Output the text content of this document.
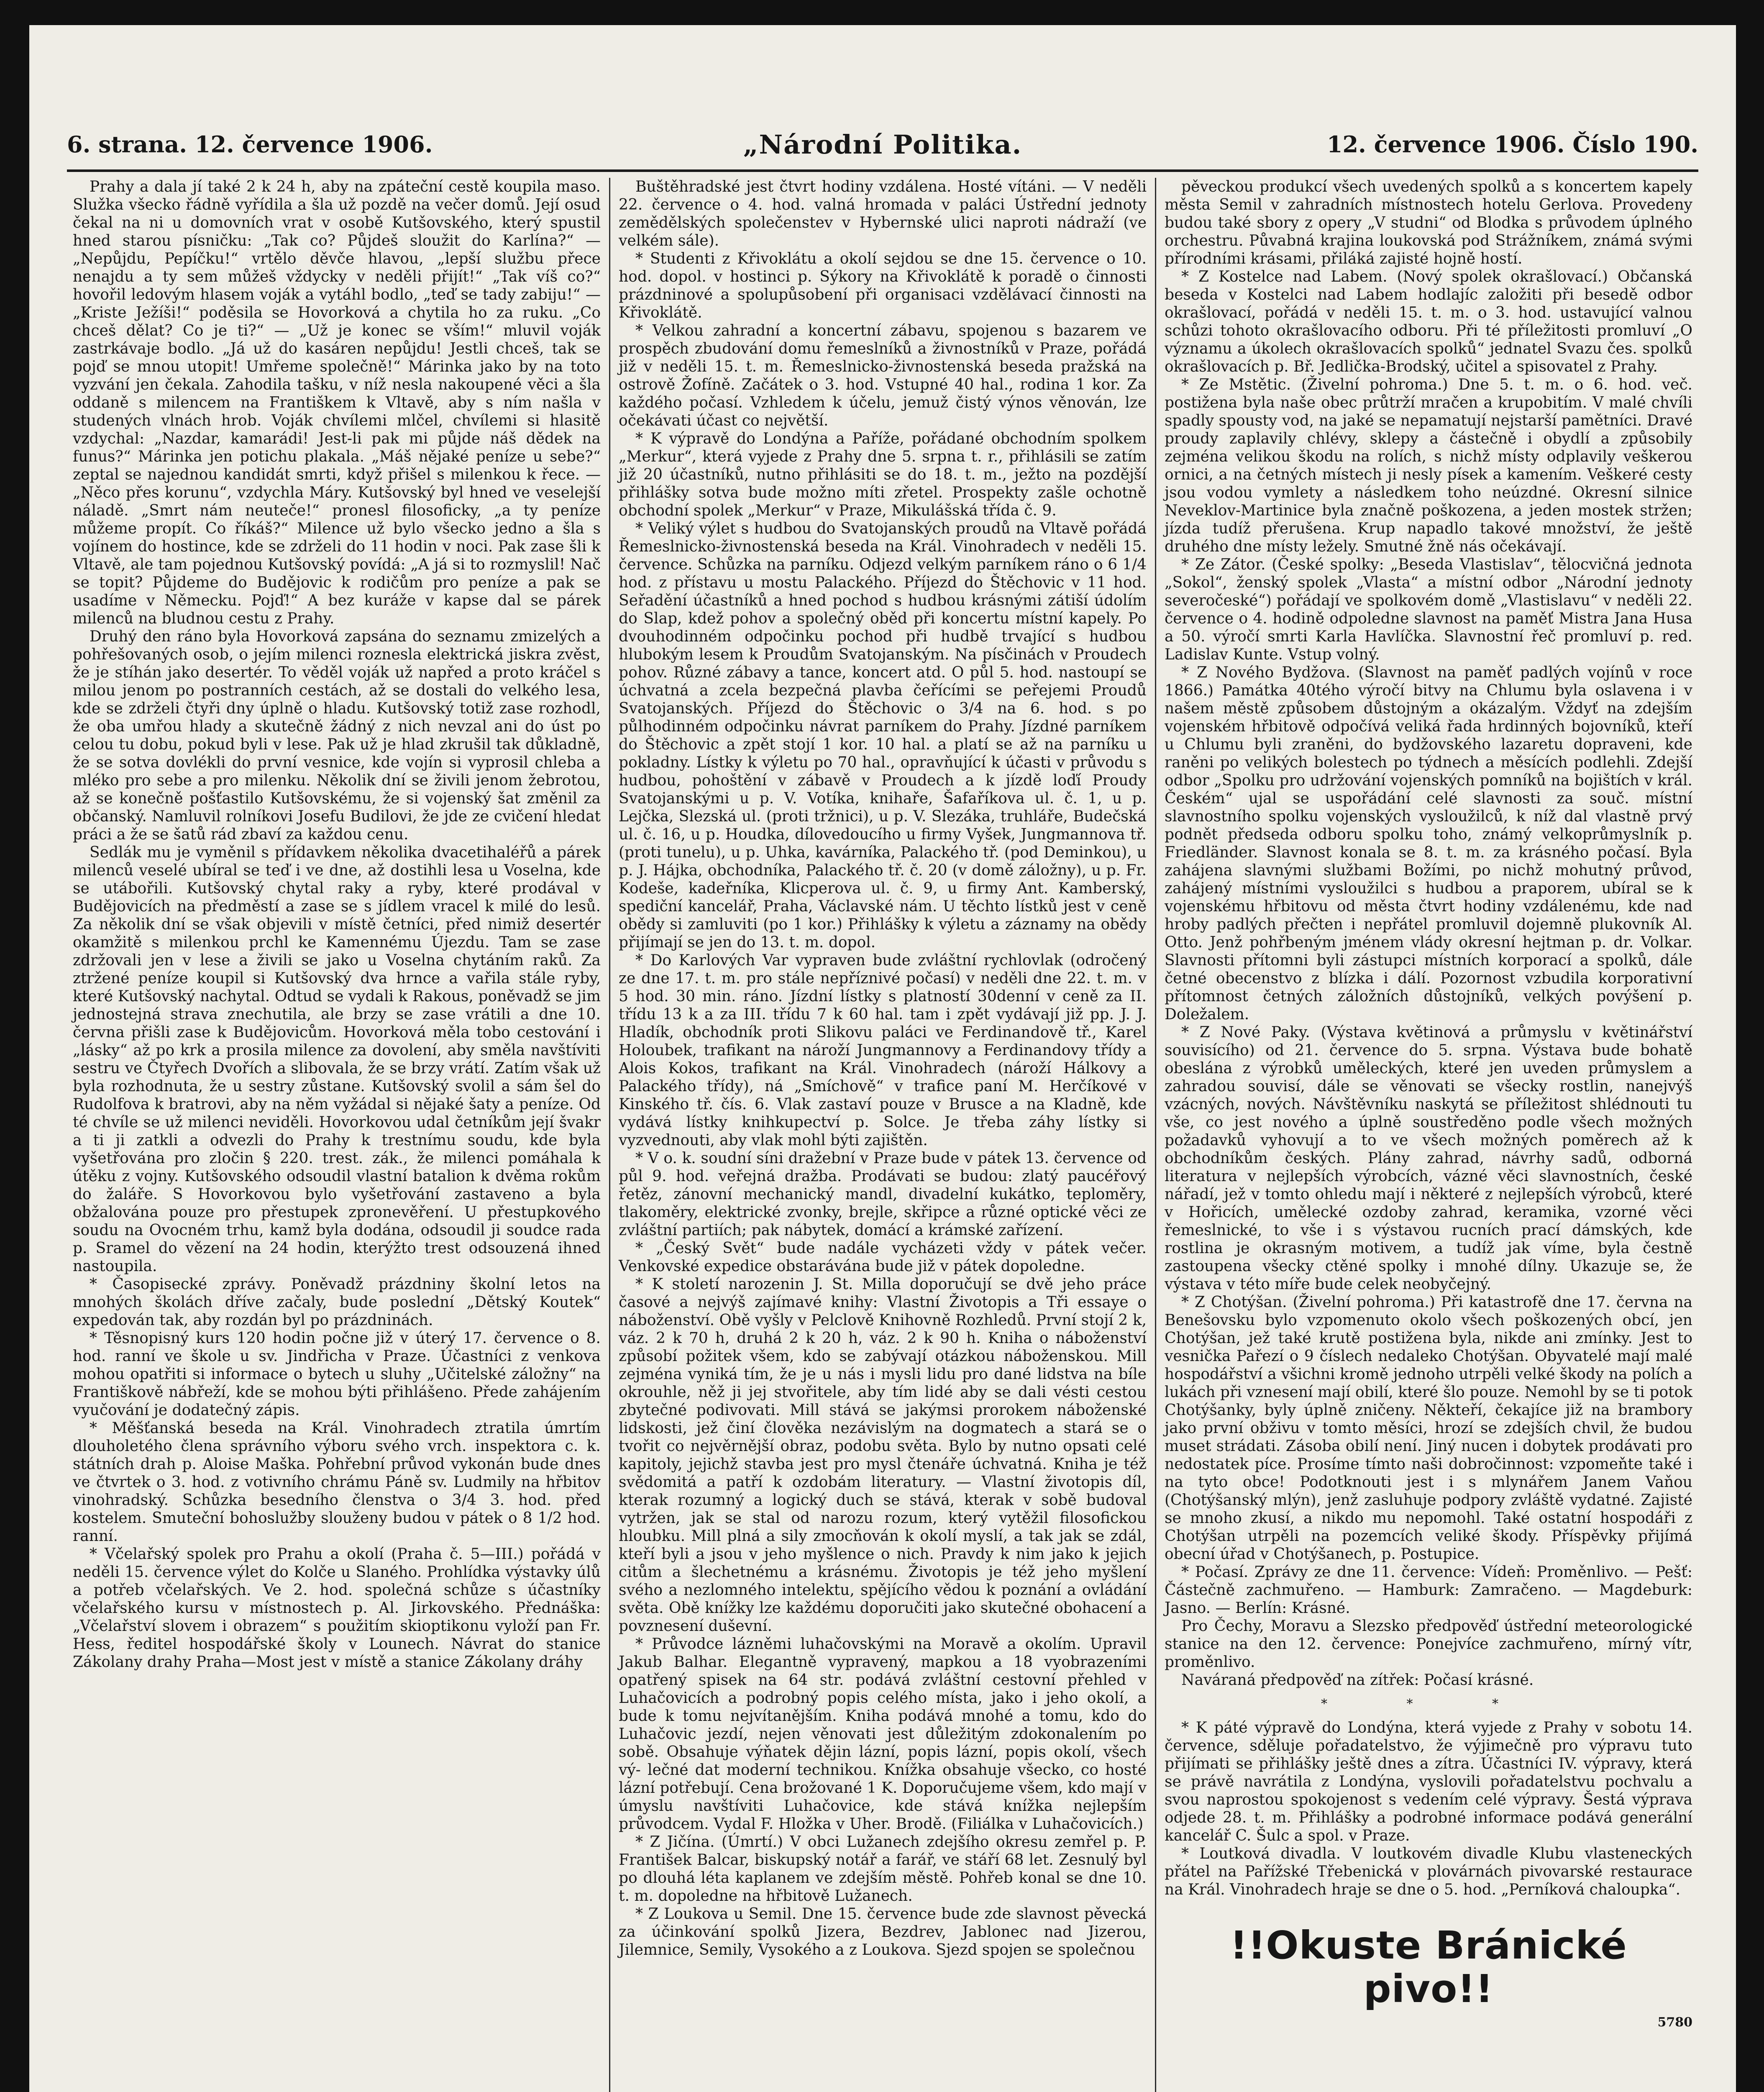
6. strana. 12. července 1906.	„Národní Politika.	12. července 1906. Číslo 190.

Prahy a dala jí také 2 k 24 h, aby na zpáteční cestě koupila maso. Služka všecko řádně vyřídila a šla už pozdě na večer domů. Její osud čekal na ni u domovních vrat v osobě Kutšovského, který spustil hned starou písničku: „Tak co? Půjdeš sloužit do Karlína?“ — „Nepůjdu, Pepíčku!“ vrtělo děvče hlavou, „lepší službu přece nenajdu a ty sem můžeš vždycky v neděli přijít!“ „Tak víš co?“ hovořil ledovým hlasem voják a vytáhl bodlo, „teď se tady zabiju!“ — „Kriste Ježíši!“ poděsila se Hovorková a chytila ho za ruku. „Co chceš dělat? Co je ti?“ — „Už je konec se vším!“ mluvil voják zastrkávaje bodlo. „Já už do kasáren nepůjdu! Jestli chceš, tak se pojď se mnou utopit! Umřeme společně!“ Márinka jako by na toto vyzvání jen čekala. Zahodila tašku, v níž nesla nakoupené věci a šla oddaně s milencem na Františkem k Vltavě, aby s ním našla v studených vlnách hrob. Voják chvílemi mlčel, chvílemi si hlasitě vzdychal: „Nazdar, kamarádi! Jest-li pak mi půjde náš dědek na funus?“ Márinka jen potichu plakala. „Máš nějaké peníze u sebe?“ zeptal se najednou kandidát smrti, když přišel s milenkou k řece. — „Něco přes korunu“, vzdychla Máry. Kutšovský byl hned ve veselejší náladě. „Smrt nám neuteče!“ pronesl filosoficky, „a ty peníze můžeme propít. Co říkáš?“ Milence už bylo všecko jedno a šla s vojínem do hostince, kde se zdrželi do 11 hodin v noci. Pak zase šli k Vltavě, ale tam pojednou Kutšovský povídá: „A já si to rozmyslil! Nač se topit? Půjdeme do Budějovic k rodičům pro peníze a pak se usadíme v Německu. Pojď!“ A bez kuráže v kapse dal se párek milenců na bludnou cestu z Prahy.

Druhý den ráno byla Hovorková zapsána do seznamu zmizelých a pohřešovaných osob, o jejím milenci roznesla elektrická jiskra zvěst, že je stíhán jako desertér. To věděl voják už napřed a proto kráčel s milou jenom po postranních cestách, až se dostali do velkého lesa, kde se zdrželi čtyři dny úplně o hladu. Kutšovský totiž zase rozhodl, že oba umřou hlady a skutečně žádný z nich nevzal ani do úst po celou tu dobu, pokud byli v lese. Pak už je hlad zkrušil tak důkladně, že se sotva dovlékli do první vesnice, kde vojín si vyprosil chleba a mléko pro sebe a pro milenku. Několik dní se živili jenom žebrotou, až se konečně pošťastilo Kutšovskému, že si vojenský šat změnil za občanský. Namluvil rolníkovi Josefu Budilovi, že jde ze cvičení hledat práci a že se šatů rád zbaví za každou cenu.

Sedlák mu je vyměnil s přídavkem několika dvacetihaléřů a párek milenců veselé ubíral se teď i ve dne, až dostihli lesa u Voselna, kde se utábořili. Kutšovský chytal raky a ryby, které prodával v Budějovicích na předměstí a zase se s jídlem vracel k milé do lesů. Za několik dní se však objevili v místě četníci, před nimiž desertér okamžitě s milenkou prchl ke Kamennému Újezdu. Tam se zase zdržovali jen v lese a živili se jako u Voselna chytáním raků. Za ztržené peníze koupil si Kutšovský dva hrnce a vařila stále ryby, které Kutšovský nachytal. Odtud se vydali k Rakous, poněvadž se jim jednostejná strava znechutila, ale brzy se zase vrátili a dne 10. června přišli zase k Budějovicům. Hovorková měla tobo cestování i „lásky“ až po krk a prosila milence za dovolení, aby směla navštíviti sestru ve Čtyřech Dvořích a slibovala, že se brzy vrátí. Zatím však už byla rozhodnuta, že u sestry zůstane. Kutšovský svolil a sám šel do Rudolfova k bratrovi, aby na něm vyžádal si nějaké šaty a peníze. Od té chvíle se už milenci neviděli. Hovorkovou udal četníkům její švakr a ti ji zatkli a odvezli do Prahy k trestnímu soudu, kde byla vyšetřována pro zločin § 220. trest. zák., že milenci pomáhala k útěku z vojny. Kutšovského odsoudil vlastní batalion k dvěma rokům do žaláře. S Hovorkovou bylo vyšetřování zastaveno a byla obžalována pouze pro přestupek zpronevěření. U přestupkového soudu na Ovocném trhu, kamž byla dodána, odsoudil ji soudce rada p. Sramel do vězení na 24 hodin, kterýžto trest odsouzená ihned nastoupila.

* Časopisecké zprávy. Poněvadž prázdniny školní letos na mnohých školách dříve začaly, bude poslední „Dětský Koutek“ expedován tak, aby rozdán byl po prázdninách.

* Těsnopisný kurs 120 hodin počne již v úterý 17. července o 8. hod. ranní ve škole u sv. Jindřicha v Praze. Účastníci z venkova mohou opatřiti si informace o bytech u sluhy „Učitelské záložny“ na Františkově nábřeží, kde se mohou býti přihlášeno. Přede zahájením vyučování je dodatečný zápis.

* Měšťanská beseda na Král. Vinohradech ztratila úmrtím dlouholetého člena správního výboru svého vrch. inspektora c. k. státních drah p. Aloise Maška. Pohřební průvod vykonán bude dnes ve čtvrtek o 3. hod. z votivního chrámu Páně sv. Ludmily na hřbitov vinohradský. Schůzka besedního členstva o 3/4 3. hod. před kostelem. Smuteční bohoslužby slouženy budou v pátek o 8 1/2 hod. ranní.

* Včelařský spolek pro Prahu a okolí (Praha č. 5—III.) pořádá v neděli 15. července výlet do Kolče u Slaného. Prohlídka výstavky úlů a potřeb včelařských. Ve 2. hod. společná schůze s účastníky včelařského kursu v místnostech p. Al. Jirkovského. Přednáška: „Včelařství slovem i obrazem“ s použitím skioptikonu vyloží pan Fr. Hess, ředitel hospodářské školy v Lounech. Návrat do stanice Zákolany drahy Praha—Most jest v místě a stanice Zákolany dráhy

Buštěhradské jest čtvrt hodiny vzdálena. Hosté vítáni. — V neděli 22. července o 4. hod. valná hromada v paláci Ústřední jednoty zemědělských společenstev v Hybernské ulici naproti nádraží (ve velkém sále).

* Studenti z Křivoklátu a okolí sejdou se dne 15. července o 10. hod. dopol. v hostinci p. Sýkory na Křivoklátě k poradě o činnosti prázdninové a spolupůsobení při organisaci vzdělávací činnosti na Křivoklátě.

* Velkou zahradní a koncertní zábavu, spojenou s bazarem ve prospěch zbudování domu řemeslníků a živnostníků v Praze, pořádá již v neděli 15. t. m. Řemeslnicko-živnostenská beseda pražská na ostrově Žofíně. Začátek o 3. hod. Vstupné 40 hal., rodina 1 kor. Za každého počasí. Vzhledem k účelu, jemuž čistý výnos věnován, lze očekávati účast co největší.

* K výpravě do Londýna a Paříže, pořádané obchodním spolkem „Merkur“, která vyjede z Prahy dne 5. srpna t. r., přihlásili se zatím již 20 účastníků, nutno přihlásiti se do 18. t. m., ježto na pozdější přihlášky sotva bude možno míti zřetel. Prospekty zašle ochotně obchodní spolek „Merkur“ v Praze, Mikulášská třída č. 9.

* Veliký výlet s hudbou do Svatojanských proudů na Vltavě pořádá Řemeslnicko-živnostenská beseda na Král. Vinohradech v neděli 15. července. Schůzka na parníku. Odjezd velkým parníkem ráno o 6 1/4 hod. z přístavu u mostu Palackého. Příjezd do Štěchovic v 11 hod. Seřadění účastníků a hned pochod s hudbou krásnými zátiší údolím do Slap, kdež pohov a společný oběd při koncertu místní kapely. Po dvouhodinném odpočinku pochod při hudbě trvající s hudbou hlubokým lesem k Proudům Svatojanským. Na písčinách v Proudech pohov. Různé zábavy a tance, koncert atd. O půl 5. hod. nastoupí se úchvatná a zcela bezpečná plavba čeřícími se peřejemi Proudů Svatojanských. Příjezd do Štěchovic o 3/4 na 6. hod. s po půlhodinném odpočinku návrat parníkem do Prahy. Jízdné parníkem do Štěchovic a zpět stojí 1 kor. 10 hal. a platí se až na parníku u pokladny. Lístky k výletu po 70 hal., opravňující k účasti v průvodu s hudbou, pohoštění v zábavě v Proudech a k jízdě loďí Proudy Svatojanskými u p. V. Votíka, knihaře, Šafaříkova ul. č. 1, u p. Lejčka, Slezská ul. (proti tržnici), u p. V. Slezáka, truhláře, Budečská ul. č. 16, u p. Houdka, dílovedoucího u firmy Vyšek, Jungmannova tř. (proti tunelu), u p. Uhka, kavárníka, Palackého tř. (pod Deminkou), u p. J. Hájka, obchodníka, Palackého tř. č. 20 (v domě záložny), u p. Fr. Kodeše, kadeřníka, Klicperova ul. č. 9, u firmy Ant. Kamberský, spediční kancelář, Praha, Václavské nám. U těchto lístků jest v ceně obědy si zamluviti (po 1 kor.) Přihlášky k výletu a záznamy na obědy přijímají se jen do 13. t. m. dopol.

* Do Karlových Var vypraven bude zvláštní rychlovlak (odročený ze dne 17. t. m. pro stále nepříznivé počasí) v neděli dne 22. t. m. v 5 hod. 30 min. ráno. Jízdní lístky s platností 30denní v ceně za II. třídu 13 k a za III. třídu 7 k 60 hal. tam i zpět vydávají již pp. J. J. Hladík, obchodník proti Slikovu paláci ve Ferdinandově tř., Karel Holoubek, trafikant na nároží Jungmannovy a Ferdinandovy třídy a Alois Kokos, trafikant na Král. Vinohradech (nároží Hálkovy a Palackého třídy), ná „Smíchově“ v trafice paní M. Herčíkové v Kinského tř. čís. 6. Vlak zastaví pouze v Brusce a na Kladně, kde vydává lístky knihkupectví p. Solce. Je třeba záhy lístky si vyzvednouti, aby vlak mohl býti zajištěn.

* V o. k. soudní síni dražební v Praze bude v pátek 13. července od půl 9. hod. veřejná dražba. Prodávati se budou: zlatý paucéřový řetěz, zánovní mechanický mandl, divadelní kukátko, teploměry, tlakoměry, elektrické zvonky, brejle, skřipce a různé optické věci ze zvláštní partiích; pak nábytek, domácí a krámské zařízení.

* „Český Svět“ bude nadále vycházeti vždy v pátek večer. Venkovské expedice obstarávána bude již v pátek dopoledne.

* K století narozenin J. St. Milla doporučují se dvě jeho práce časové a nejvýš zajímavé knihy: Vlastní Životopis a Tři essaye o náboženství. Obě vyšly v Pelclově Knihovně Rozhledů. První stojí 2 k, váz. 2 k 70 h, druhá 2 k 20 h, váz. 2 k 90 h. Kniha o náboženství způsobí požitek všem, kdo se zabývají otázkou náboženskou. Mill zejména vyniká tím, že je u nás i mysli lidu pro dané lidstva na bíle okrouhle, něž ji jej stvořitele, aby tím lidé aby se dali vésti cestou zbytečné podivovati. Mill stává se jakýmsi prorokem náboženské lidskosti, jež činí člověka nezávislým na dogmatech a stará se o tvořit co nejvěrnější obraz, podobu světa. Bylo by nutno opsati celé kapitoly, jejichž stavba jest pro mysl čtenáře úchvatná. Kniha je též svědomitá a patří k ozdobám literatury. — Vlastní životopis díl, kterak rozumný a logický duch se stává, kterak v sobě budoval vytržen, jak se stal od narozu rozum, který vytěžil filosofickou hloubku. Mill plná a sily zmocňován k okolí myslí, a tak jak se zdál, kteří byli a jsou v jeho myšlence o nich. Pravdy k nim jako k jejich citům a šlechetnému a krásnému. Životopis je též jeho myšlení svého a nezlomného intelektu, spějícího vědou k poznání a ovládání světa. Obě knížky lze každému doporučiti jako skutečné obohacení a povznesení duševní.

* Průvodce lázněmi luhačovskými na Moravě a okolím. Upravil Jakub Balhar. Elegantně vypravený, mapkou a 18 vyobrazeními opatřený spisek na 64 str. podává zvláštní cestovní přehled v Luhačovicích a podrobný popis celého místa, jako i jeho okolí, a bude k tomu nejvítanějším. Kniha podává mnohé a tomu, kdo do Luhačovic jezdí, nejen věnovati jest důležitým zdokonalením po sobě. Obsahuje výňatek dějin lázní, popis lázní, popis okolí, všech vý- lečné dat moderní technikou. Knížka obsahuje všecko, co hosté lázní potřebují. Cena brožované 1 K. Doporučujeme všem, kdo mají v úmyslu navštíviti Luhačovice, kde stává knížka nejlepším průvodcem. Vydal F. Hložka v Uher. Brodě. (Filiálka v Luhačovicích.)

* Z Jičína. (Úmrtí.) V obci Lužanech zdejšího okresu zemřel p. P. František Balcar, biskupský notář a farář, ve stáří 68 let. Zesnulý byl po dlouhá léta kaplanem ve zdejším městě. Pohřeb konal se dne 10. t. m. dopoledne na hřbitově Lužanech.

* Z Loukova u Semil. Dne 15. července bude zde slavnost pěvecká za účinkování spolků Jizera, Bezdrev, Jablonec nad Jizerou, Jilemnice, Semily, Vysokého a z Loukova. Sjezd spojen se společnou

pěveckou produkcí všech uvedených spolků a s koncertem kapely města Semil v zahradních místnostech hotelu Gerlova. Provedeny budou také sbory z opery „V studni“ od Blodka s průvodem úplného orchestru. Půvabná krajina loukovská pod Strážníkem, známá svými přírodními krásami, přiláká zajisté hojně hostí.

* Z Kostelce nad Labem. (Nový spolek okrašlovací.) Občanská beseda v Kostelci nad Labem hodlajíc založiti při besedě odbor okrašlovací, pořádá v neděli 15. t. m. o 3. hod. ustavující valnou schůzi tohoto okrašlovacího odboru. Při té příležitosti promluví „O významu a úkolech okrašlovacích spolků“ jednatel Svazu čes. spolků okrašlovacích p. Bř. Jedlička-Brodský, učitel a spisovatel z Prahy.

* Ze Mstětic. (Živelní pohroma.) Dne 5. t. m. o 6. hod. več. postižena byla naše obec průtrží mračen a krupobitím. V malé chvíli spadly spousty vod, na jaké se nepamatují nejstarší pamětníci. Dravé proudy zaplavily chlévy, sklepy a částečně i obydlí a způsobily zejména velikou škodu na rolích, s nichž místy odplavily veškerou ornici, a na četných místech ji nesly písek a kamením. Veškeré cesty jsou vodou vymlety a následkem toho neúzdné. Okresní silnice Neveklov-Martinice byla značně poškozena, a jeden mostek stržen; jízda tudíž přerušena. Krup napadlo takové množství, že ještě druhého dne místy ležely. Smutné žně nás očekávají.

* Ze Zátor. (České spolky: „Beseda Vlastislav“, tělocvičná jednota „Sokol“, ženský spolek „Vlasta“ a místní odbor „Národní jednoty severočeské“) pořádají ve spolkovém domě „Vlastislavu“ v neděli 22. července o 4. hodině odpoledne slavnost na paměť Mistra Jana Husa a 50. výročí smrti Karla Havlíčka. Slavnostní řeč promluví p. red. Ladislav Kunte. Vstup volný.

* Z Nového Bydžova. (Slavnost na paměť padlých vojínů v roce 1866.) Památka 40tého výročí bitvy na Chlumu byla oslavena i v našem městě způsobem důstojným a okázalým. Vždyť na zdejším vojenském hřbitově odpočívá veliká řada hrdinných bojovníků, kteří u Chlumu byli zraněni, do bydžovského lazaretu dopraveni, kde raněni po velikých bolestech po týdnech a měsících podlehli. Zdejší odbor „Spolku pro udržování vojenských pomníků na bojištích v král. Českém“ ujal se uspořádání celé slavnosti za souč. místní slavnostního spolku vojenských vysloužilců, k níž dal vlastně prvý podnět předseda odboru spolku toho, známý velkoprůmyslník p. Friedländer. Slavnost konala se 8. t. m. za krásného počasí. Byla zahájena slavnými službami Božími, po nichž mohutný průvod, zahájený místními vysloužilci s hudbou a praporem, ubíral se k vojenskému hřbitovu od města čtvrt hodiny vzdálenému, kde nad hroby padlých přečten i nepřátel promluvil dojemně plukovník Al. Otto. Jenž pohřbeným jménem vlády okresní hejtman p. dr. Volkar. Slavnosti přítomni byli zástupci místních korporací a spolků, dále četné obecenstvo z blízka i dálí. Pozornost vzbudila korporativní přítomnost četných záložních důstojníků, velkých povýšení p. Doležalem.

* Z Nové Paky. (Výstava květinová a průmyslu v květinářství souvisícího) od 21. července do 5. srpna. Výstava bude bohatě obeslána z výrobků uměleckých, které jen uveden průmyslem a zahradou souvisí, dále se věnovati se všecky rostlin, nanejvýš vzácných, nových. Návštěvníku naskytá se příležitost shlédnouti tu vše, co jest nového a úplně soustředěno podle všech možných požadavků vyhovují a to ve všech možných poměrech až k obchodníkům českých. Plány zahrad, návrhy sadů, odborná literatura v nejlepších výrobcích, vázné věci slavnostních, české nářadí, jež v tomto ohledu mají i některé z nejlepších výrobců, které v Hořicích, umělecké ozdoby zahrad, keramika, vzorné věci řemeslnické, to vše i s výstavou rucních prací dámských, kde rostlina je okrasným motivem, a tudíž jak víme, byla čestně zastoupena všecky ctěné spolky i mnohé dílny. Ukazuje se, že výstava v této míře bude celek neobyčejný.

* Z Chotýšan. (Živelní pohroma.) Při katastrofě dne 17. června na Benešovsku bylo vzpomenuto okolo všech poškozených obcí, jen Chotýšan, jež také krutě postižena byla, nikde ani zmínky. Jest to vesnička Pařezí o 9 číslech nedaleko Chotýšan. Obyvatelé mají malé hospodářství a všichni kromě jednoho utrpěli velké škody na polích a lukách při vznesení mají obilí, které šlo pouze. Nemohl by se ti potok Chotýšanky, byly úplně zničeny. Někteří, čekajíce již na brambory jako první obživu v tomto měsíci, hrozí se zdejších chvil, že budou muset strádati. Zásoba obilí není. Jiný nucen i dobytek prodávati pro nedostatek píce. Prosíme tímto naši dobročinnost: vzpomeňte také i na tyto obce! Podotknouti jest i s mlynářem Janem Vaňou (Chotýšanský mlýn), jenž zasluhuje podpory zvláště vydatné. Zajisté se mnoho zkusí, a nikdo mu nepomohl. Také ostatní hospodáři z Chotýšan utrpěli na pozemcích veliké škody. Příspěvky přijímá obecní úřad v Chotýšanech, p. Postupice.

* Počasí. Zprávy ze dne 11. července: Vídeň: Proměnlivo. — Pešť: Částečně zachmuřeno. — Hamburk: Zamračeno. — Magdeburk: Jasno. — Berlín: Krásné.

Pro Čechy, Moravu a Slezsko předpověď ústřední meteorologické stanice na den 12. července: Ponejvíce zachmuřeno, mírný vítr, proměnlivo.

Naváraná předpověď na zítřek: Počasí krásné.

* * *

* K páté výpravě do Londýna, která vyjede z Prahy v sobotu 14. července, sděluje pořadatelstvo, že výjimečně pro výpravu tuto přijímati se přihlášky ještě dnes a zítra. Účastníci IV. výpravy, která se právě navrátila z Londýna, vyslovili pořadatelstvu pochvalu a svou naprostou spokojenost s vedením celé výpravy. Šestá výprava odjede 28. t. m. Přihlášky a podrobné informace podává generální kancelář C. Šulc a spol. v Praze.

* Loutková divadla. V loutkovém divadle Klubu vlasteneckých přátel na Pařížské Třebenická v plovárnách pivovarské restaurace na Král. Vinohradech hraje se dne o 5. hod. „Perníková chaloupka“.

!!Okuste Bránické pivo!!
5780
